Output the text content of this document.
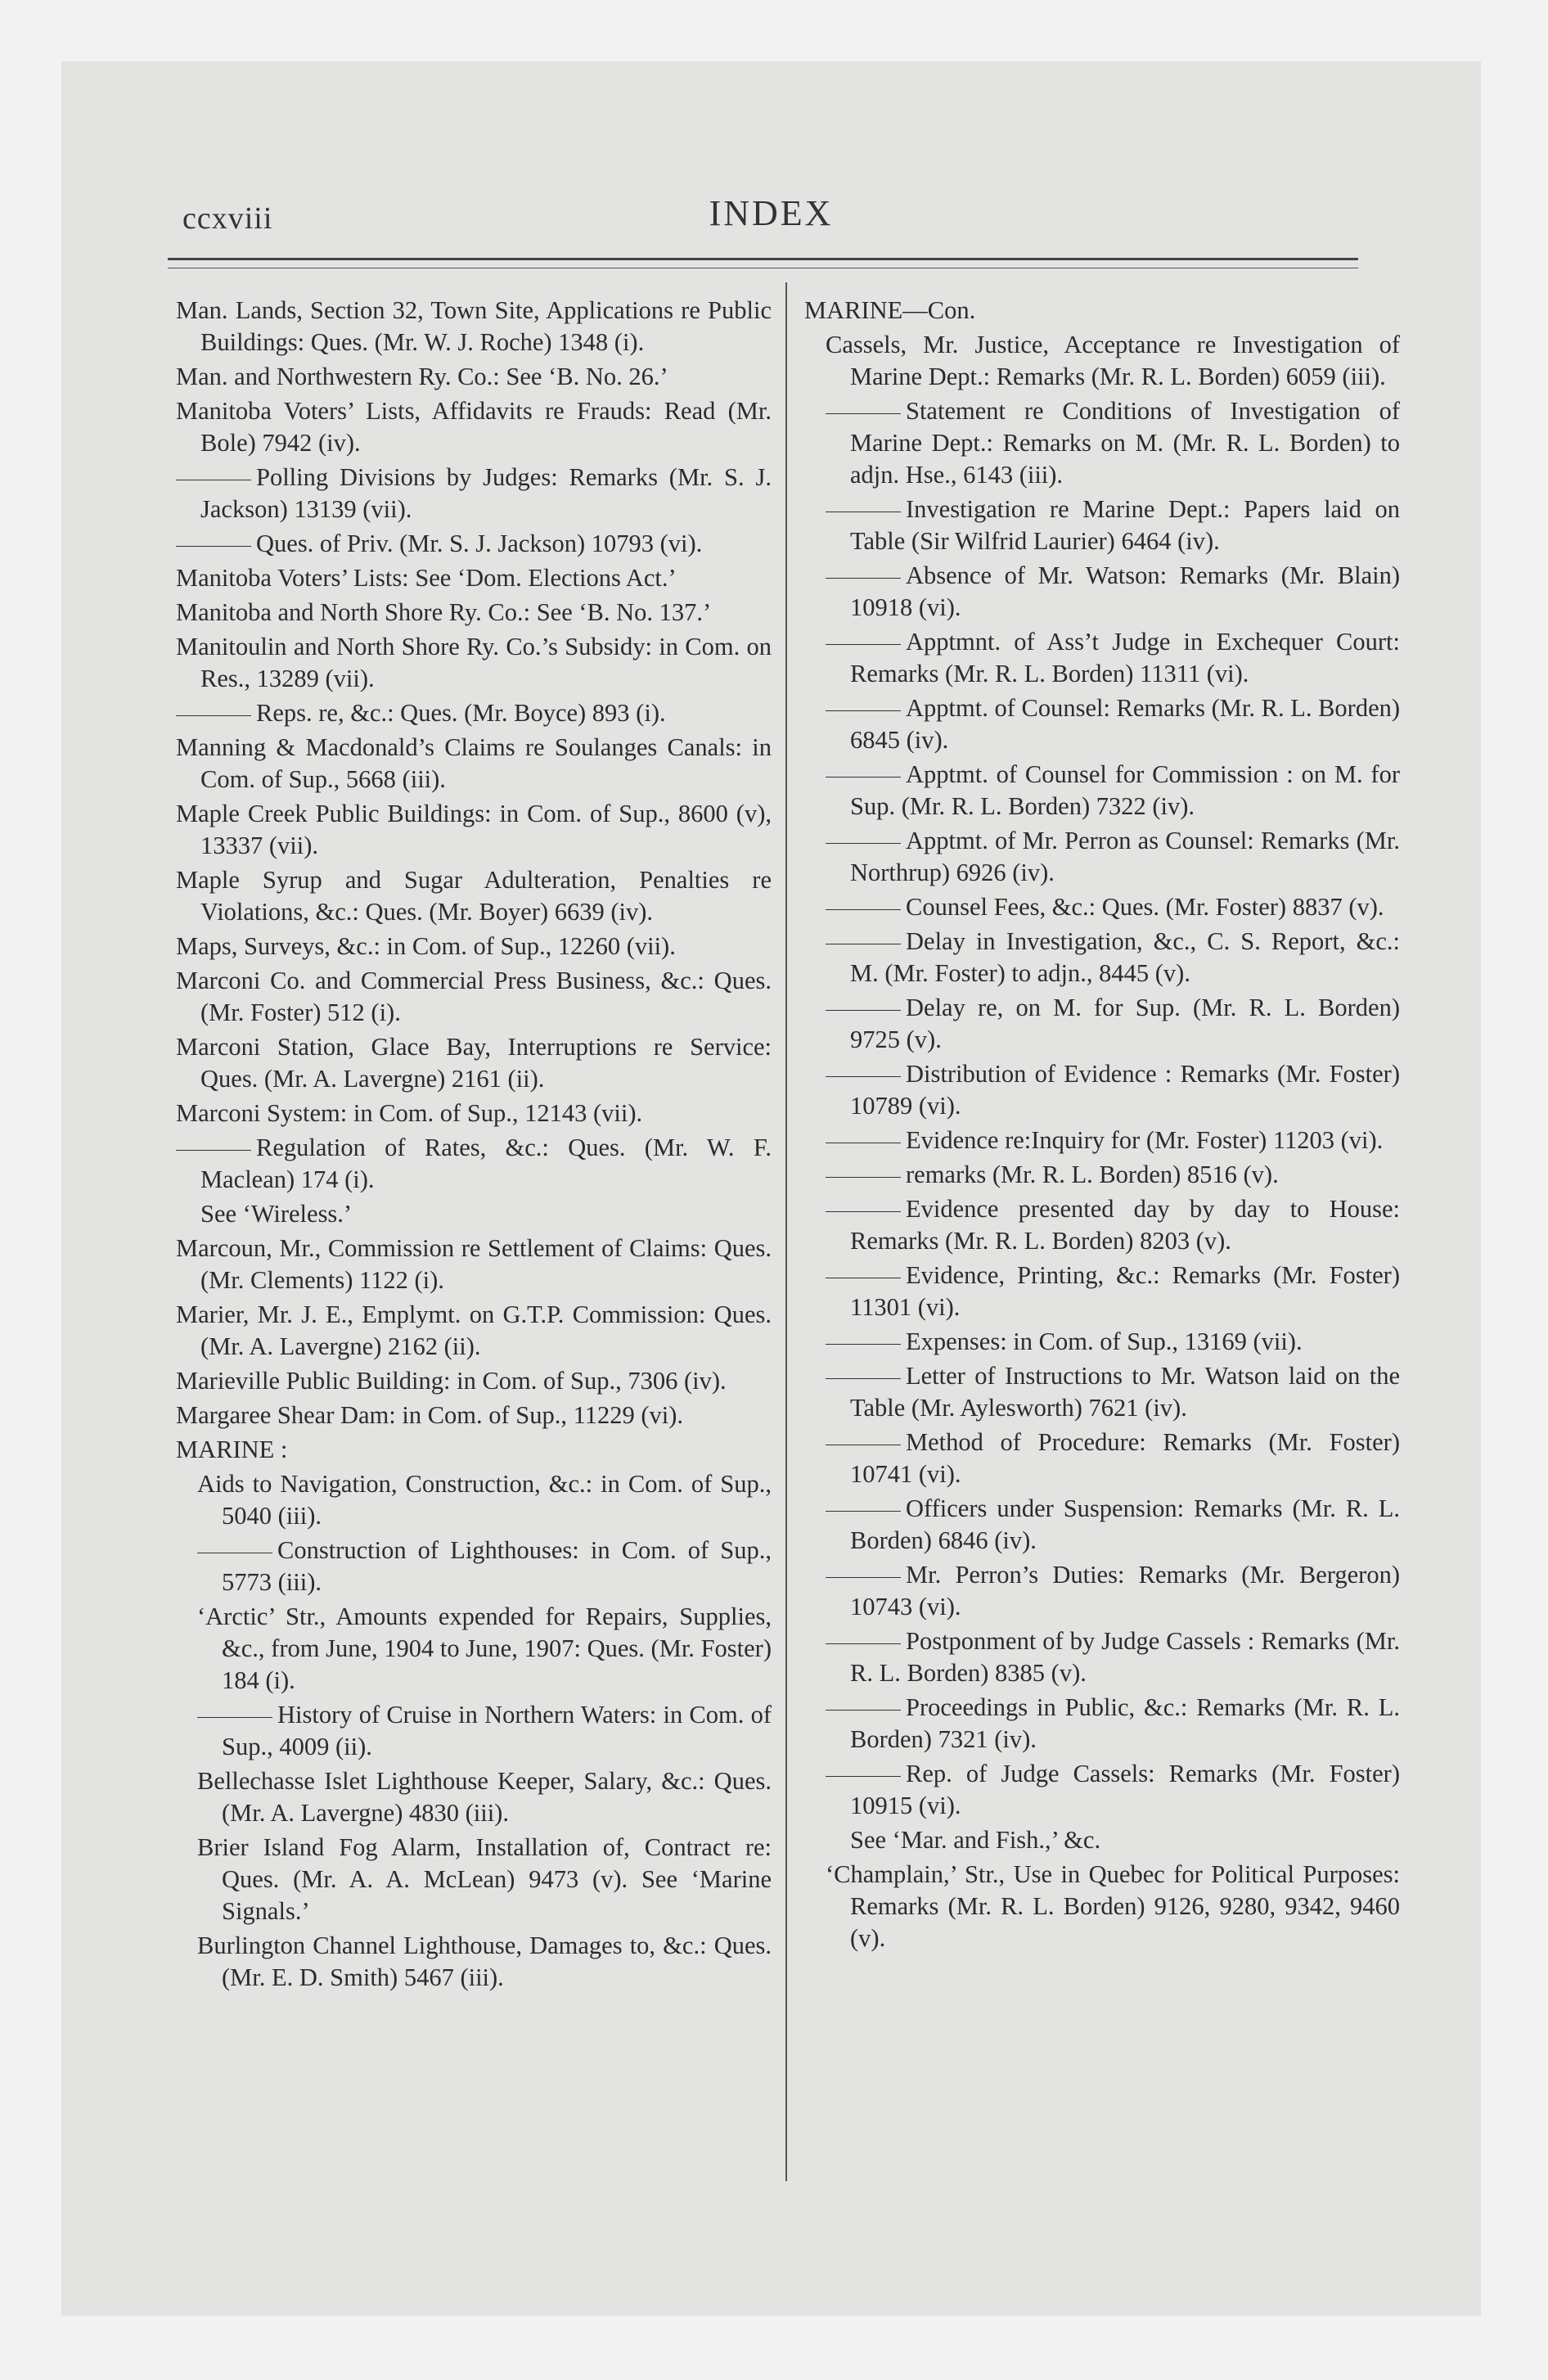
ccxviii	INDEX
Man. Lands, Section 32, Town Site, Applications re Public Buildings: Ques. (Mr. W. J. Roche) 1348 (i).
Man. and Northwestern Ry. Co.: See ‘B. No. 26.’
Manitoba Voters’ Lists, Affidavits re Frauds: Read (Mr. Bole) 7942 (iv).
Polling Divisions by Judges: Remarks (Mr. S. J. Jackson) 13139 (vii).
Ques. of Priv. (Mr. S. J. Jackson) 10793 (vi).
Manitoba Voters’ Lists: See ‘Dom. Elections Act.’
Manitoba and North Shore Ry. Co.: See ‘B. No. 137.’
Manitoulin and North Shore Ry. Co.’s Subsidy: in Com. on Res., 13289 (vii).
Reps. re, &c.: Ques. (Mr. Boyce) 893 (i).
Manning & Macdonald’s Claims re Soulanges Canals: in Com. of Sup., 5668 (iii).
Maple Creek Public Buildings: in Com. of Sup., 8600 (v), 13337 (vii).
Maple Syrup and Sugar Adulteration, Penalties re Violations, &c.: Ques. (Mr. Boyer) 6639 (iv).
Maps, Surveys, &c.: in Com. of Sup., 12260 (vii).
Marconi Co. and Commercial Press Business, &c.: Ques. (Mr. Foster) 512 (i).
Marconi Station, Glace Bay, Interruptions re Service: Ques. (Mr. A. Lavergne) 2161 (ii).
Marconi System: in Com. of Sup., 12143 (vii).
Regulation of Rates, &c.: Ques. (Mr. W. F. Maclean) 174 (i).
See ‘Wireless.’
Marcoun, Mr., Commission re Settlement of Claims: Ques. (Mr. Clements) 1122 (i).
Marier, Mr. J. E., Emplymt. on G.T.P. Commission: Ques. (Mr. A. Lavergne) 2162 (ii).
Marieville Public Building: in Com. of Sup., 7306 (iv).
Margaree Shear Dam: in Com. of Sup., 11229 (vi).
MARINE :
Aids to Navigation, Construction, &c.: in Com. of Sup., 5040 (iii).
Construction of Lighthouses: in Com. of Sup., 5773 (iii).
‘Arctic’ Str., Amounts expended for Repairs, Supplies, &c., from June, 1904 to June, 1907: Ques. (Mr. Foster) 184 (i).
History of Cruise in Northern Waters: in Com. of Sup., 4009 (ii).
Bellechasse Islet Lighthouse Keeper, Salary, &c.: Ques. (Mr. A. Lavergne) 4830 (iii).
Brier Island Fog Alarm, Installation of, Contract re: Ques. (Mr. A. A. McLean) 9473 (v). See ‘Marine Signals.’
Burlington Channel Lighthouse, Damages to, &c.: Ques. (Mr. E. D. Smith) 5467 (iii).
MARINE—Con.
Cassels, Mr. Justice, Acceptance re Investigation of Marine Dept.: Remarks (Mr. R. L. Borden) 6059 (iii).
Statement re Conditions of Investigation of Marine Dept.: Remarks on M. (Mr. R. L. Borden) to adjn. Hse., 6143 (iii).
Investigation re Marine Dept.: Papers laid on Table (Sir Wilfrid Laurier) 6464 (iv).
Absence of Mr. Watson: Remarks (Mr. Blain) 10918 (vi).
Apptmnt. of Ass’t Judge in Exchequer Court: Remarks (Mr. R. L. Borden) 11311 (vi).
Apptmt. of Counsel: Remarks (Mr. R. L. Borden) 6845 (iv).
Apptmt. of Counsel for Commission : on M. for Sup. (Mr. R. L. Borden) 7322 (iv).
Apptmt. of Mr. Perron as Counsel: Remarks (Mr. Northrup) 6926 (iv).
Counsel Fees, &c.: Ques. (Mr. Foster) 8837 (v).
Delay in Investigation, &c., C. S. Report, &c.: M. (Mr. Foster) to adjn., 8445 (v).
Delay re, on M. for Sup. (Mr. R. L. Borden) 9725 (v).
Distribution of Evidence : Remarks (Mr. Foster) 10789 (vi).
Evidence re:Inquiry for (Mr. Foster) 11203 (vi).
remarks (Mr. R. L. Borden) 8516 (v).
Evidence presented day by day to House: Remarks (Mr. R. L. Borden) 8203 (v).
Evidence, Printing, &c.: Remarks (Mr. Foster) 11301 (vi).
Expenses: in Com. of Sup., 13169 (vii).
Letter of Instructions to Mr. Watson laid on the Table (Mr. Aylesworth) 7621 (iv).
Method of Procedure: Remarks (Mr. Foster) 10741 (vi).
Officers under Suspension: Remarks (Mr. R. L. Borden) 6846 (iv).
Mr. Perron’s Duties: Remarks (Mr. Bergeron) 10743 (vi).
Postponment of by Judge Cassels : Remarks (Mr. R. L. Borden) 8385 (v).
Proceedings in Public, &c.: Remarks (Mr. R. L. Borden) 7321 (iv).
Rep. of Judge Cassels: Remarks (Mr. Foster) 10915 (vi).
See ‘Mar. and Fish.,’ &c.
‘Champlain,’ Str., Use in Quebec for Political Purposes: Remarks (Mr. R. L. Borden) 9126, 9280, 9342, 9460 (v).
